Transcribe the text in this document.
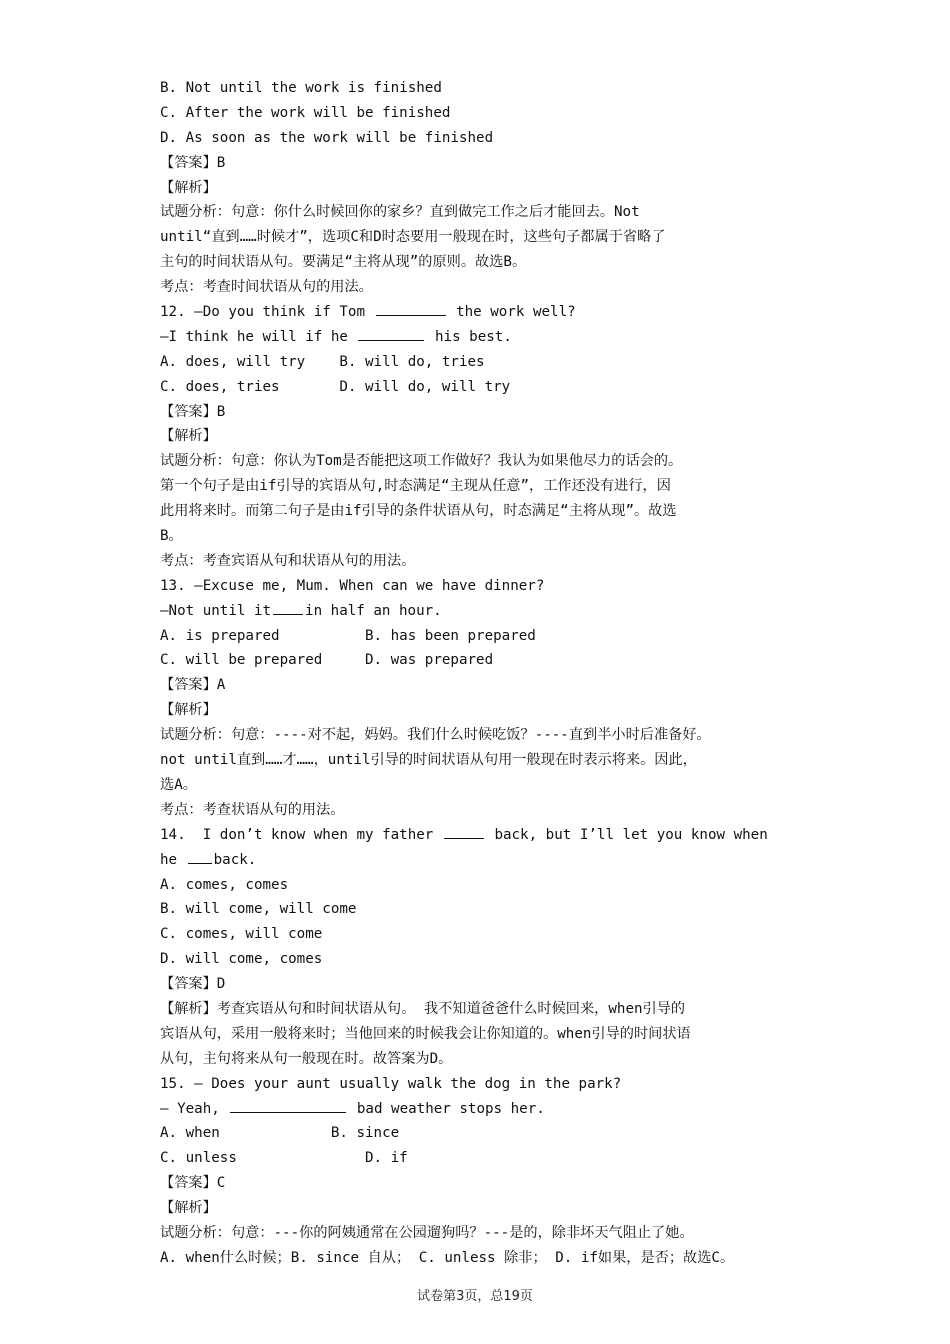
B. Not until the work is finished
C. After the work will be finished
D. As soon as the work will be finished
【答案】B
【解析】
试题分析：句意：你什么时候回你的家乡？直到做完工作之后才能回去。Not
until“直到……时候才”，选项C和D时态要用一般现在时，这些句子都属于省略了
主句的时间状语从句。要满足“主将从现”的原则。故选B。
考点：考查时间状语从句的用法。
12. —Do you think if Tom	the work well?
—I think he will if he	his best.
A. does, will try    B. will do, tries
C. does, tries       D. will do, will try
【答案】B
【解析】
试题分析：句意：你认为Tom是否能把这项工作做好？我认为如果他尽力的话会的。
第一个句子是由if引导的宾语从句,时态满足“主现从任意”，工作还没有进行，因
此用将来时。而第二句子是由if引导的条件状语从句，时态满足“主将从现”。故选
B。
考点：考查宾语从句和状语从句的用法。
13. —Excuse me, Mum. When can we have dinner?
—Not until it in half an hour.
A. is prepared          B. has been prepared
C. will be prepared     D. was prepared
【答案】A
【解析】
试题分析：句意：----对不起，妈妈。我们什么时候吃饭？----直到半小时后准备好。
not until直到……才……，until引导的时间状语从句用一般现在时表示将来。因此，
选A。
考点：考查状语从句的用法。
14.  I don’t know when my father	back, but I’ll let you know when
he	back.
A. comes, comes
B. will come, will come
C. comes, will come
D. will come, comes
【答案】D
【解析】考查宾语从句和时间状语从句。 我不知道爸爸什么时候回来，when引导的
宾语从句，采用一般将来时；当他回来的时候我会让你知道的。when引导的时间状语
从句，主句将来从句一般现在时。故答案为D。
15. — Does your aunt usually walk the dog in the park?
— Yeah,	bad weather stops her.
A. when             B. since
C. unless               D. if
【答案】C
【解析】
试题分析：句意：---你的阿姨通常在公园遛狗吗？---是的，除非坏天气阻止了她。
A. when什么时候；B. since 自从； C. unless 除非； D. if如果，是否；故选C。
试卷第3页，总19页
